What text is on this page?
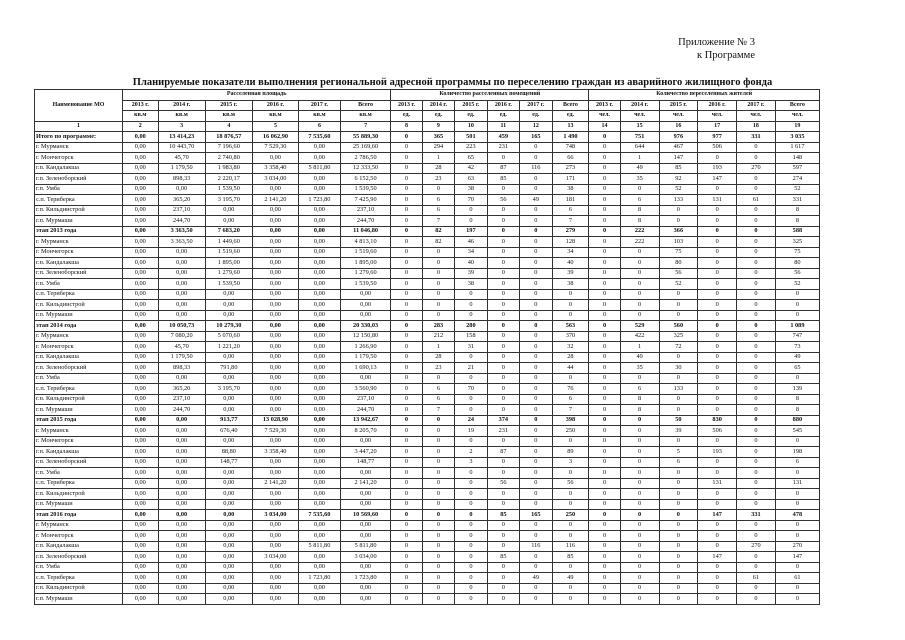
Приложение № 3
к Программе
Планируемые показатели выполнения региональной адресной программы по переселению граждан из аварийного жилищного фонда
Наименование МО	Расселенная площадь						Количество расселенных помещений						Количество переселенных жителей					
	2013 г.	2014 г.	2015 г.	2016 г.	2017 г.	Всего	2013 г.	2014 г.	2015 г.	2016 г.	2017 г.	Всего	2013 г.	2014 г.	2015 г.	2016 г.	2017 г.	Всего
	кв.м	кв.м	кв.м	кв.м	кв.м	кв.м	ед.	ед.	ед.	ед.	ед.	ед.	чел.	чел.	чел.	чел.	чел.	чел.
1	2	3	4	5	6	7	8	9	10	11	12	13	14	15	16	17	18	19
Итого по программе:	0,00	13 414,23	18 876,57	16 062,90	7 535,60	55 889,30	0	365	501	459	165	1 490	0	751	976	977	331	3 035
г. Мурманск	0,00	10 443,70	7 196,60	7 529,30	0,00	25 169,60	0	294	223	231	0	748	0	644	467	506	0	1 617
г. Мончегорск	0,00	45,70	2 740,80	0,00	0,00	2 786,50	0	1	65	0	0	66	0	1	147	0	0	148
г.п. Кандалакша	0,00	1 179,50	1 983,80	3 358,40	5 811,80	12 333,50	0	28	42	87	116	273	0	49	85	193	270	597
г.п. Зеленоборский	0,00	898,33	2 220,17	3 034,00	0,00	6 152,50	0	23	63	85	0	171	0	35	92	147	0	274
г.п. Умба	0,00	0,00	1 539,50	0,00	0,00	1 539,50	0	0	38	0	0	38	0	0	52	0	0	52
с.п. Териберка	0,00	365,20	3 195,70	2 141,20	1 723,80	7 425,90	0	6	70	56	49	181	0	6	133	131	61	331
г.п. Кильдинстрой	0,00	237,10	0,00	0,00	0,00	237,10	0	6	0	0	0	6	0	8	0	0	0	8
г.п. Мурмаши	0,00	244,70	0,00	0,00	0,00	244,70	0	7	0	0	0	7	0	8	0	0	0	8
этап 2013 года	0,00	3 363,50	7 683,20	0,00	0,00	11 046,80	0	82	197	0	0	279	0	222	366	0	0	588
г. Мурманск	0,00	3 363,50	1 449,60	0,00	0,00	4 813,10	0	82	46	0	0	128	0	222	103	0	0	325
г. Мончегорск	0,00	0,00	1 519,60	0,00	0,00	1 519,60	0	0	34	0	0	34	0	0	75	0	0	75
г.п. Кандалакша	0,00	0,00	1 895,00	0,00	0,00	1 895,00	0	0	40	0	0	40	0	0	80	0	0	80
г.п. Зеленоборский	0,00	0,00	1 279,60	0,00	0,00	1 279,60	0	0	39	0	0	39	0	0	56	0	0	56
г.п. Умба	0,00	0,00	1 539,50	0,00	0,00	1 539,50	0	0	38	0	0	38	0	0	52	0	0	52
с.п. Териберка	0,00	0,00	0,00	0,00	0,00	0,00	0	0	0	0	0	0	0	0	0	0	0	0
г.п. Кильдинстрой	0,00	0,00	0,00	0,00	0,00	0,00	0	0	0	0	0	0	0	0	0	0	0	0
г.п. Мурмаши	0,00	0,00	0,00	0,00	0,00	0,00	0	0	0	0	0	0	0	0	0	0	0	0
этап 2014 года	0,00	10 050,73	10 279,30	0,00	0,00	20 330,03	0	283	280	0	0	563	0	529	560	0	0	1 089
г. Мурманск	0,00	7 080,20	5 070,60	0,00	0,00	12 150,80	0	212	158	0	0	370	0	422	325	0	0	747
г. Мончегорск	0,00	45,70	1 221,20	0,00	0,00	1 266,90	0	1	31	0	0	32	0	1	72	0	0	73
г.п. Кандалакша	0,00	1 179,50	0,00	0,00	0,00	1 179,50	0	28	0	0	0	28	0	49	0	0	0	49
г.п. Зеленоборский	0,00	898,33	791,80	0,00	0,00	1 690,13	0	23	21	0	0	44	0	35	30	0	0	65
г.п. Умба	0,00	0,00	0,00	0,00	0,00	0,00	0	0	0	0	0	0	0	0	0	0	0	0
с.п. Териберка	0,00	365,20	3 195,70	0,00	0,00	3 560,90	0	6	70	0	0	76	0	6	133	0	0	139
г.п. Кильдинстрой	0,00	237,10	0,00	0,00	0,00	237,10	0	6	0	0	0	6	0	8	0	0	0	8
г.п. Мурмаши	0,00	244,70	0,00	0,00	0,00	244,70	0	7	0	0	0	7	0	8	0	0	0	8
этап 2015 года	0,00	0,00	913,77	13 028,90	0,00	13 942,67	0	0	24	374	0	398	0	0	50	830	0	880
г. Мурманск	0,00	0,00	676,40	7 529,30	0,00	8 205,70	0	0	19	231	0	250	0	0	39	506	0	545
г. Мончегорск	0,00	0,00	0,00	0,00	0,00	0,00	0	0	0	0	0	0	0	0	0	0	0	0
г.п. Кандалакша	0,00	0,00	88,80	3 358,40	0,00	3 447,20	0	0	2	87	0	89	0	0	5	193	0	198
г.п. Зеленоборский	0,00	0,00	148,77	0,00	0,00	148,77	0	0	3	0	0	3	0	0	6	0	0	6
г.п. Умба	0,00	0,00	0,00	0,00	0,00	0,00	0	0	0	0	0	0	0	0	0	0	0	0
с.п. Териберка	0,00	0,00	0,00	2 141,20	0,00	2 141,20	0	0	0	56	0	56	0	0	0	131	0	131
г.п. Кильдинстрой	0,00	0,00	0,00	0,00	0,00	0,00	0	0	0	0	0	0	0	0	0	0	0	0
г.п. Мурмаши	0,00	0,00	0,00	0,00	0,00	0,00	0	0	0	0	0	0	0	0	0	0	0	0
этап 2016 года	0,00	0,00	0,00	3 034,00	7 535,60	10 569,60	0	0	0	85	165	250	0	0	0	147	331	478
г. Мурманск	0,00	0,00	0,00	0,00	0,00	0,00	0	0	0	0	0	0	0	0	0	0	0	0
г. Мончегорск	0,00	0,00	0,00	0,00	0,00	0,00	0	0	0	0	0	0	0	0	0	0	0	0
г.п. Кандалакша	0,00	0,00	0,00	0,00	5 811,80	5 811,80	0	0	0	0	116	116	0	0	0	0	270	270
г.п. Зеленоборский	0,00	0,00	0,00	3 034,00	0,00	3 034,00	0	0	0	85	0	85	0	0	0	147	0	147
г.п. Умба	0,00	0,00	0,00	0,00	0,00	0,00	0	0	0	0	0	0	0	0	0	0	0	0
с.п. Териберка	0,00	0,00	0,00	0,00	1 723,80	1 723,80	0	0	0	0	49	49	0	0	0	0	61	61
г.п. Кильдинстрой	0,00	0,00	0,00	0,00	0,00	0,00	0	0	0	0	0	0	0	0	0	0	0	0
г.п. Мурмаши	0,00	0,00	0,00	0,00	0,00	0,00	0	0	0	0	0	0	0	0	0	0	0	0
